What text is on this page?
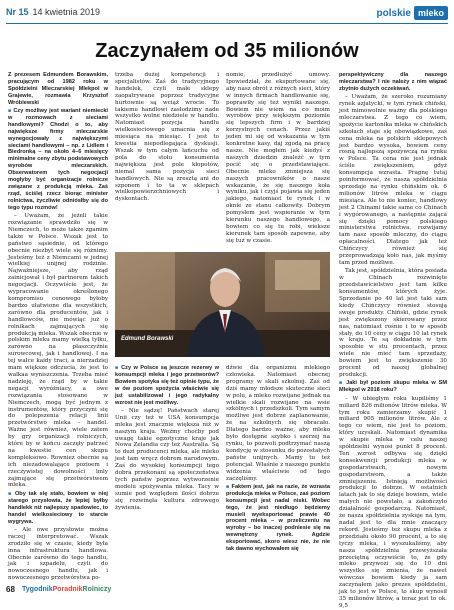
Nr 15 14 kwietnia 2019	polskie mleko
Zaczynałem od 35 milionów

Z prezesem Edmundem Borawskim, pracującym od 1982 roku w Spółdzielni Mleczarskiej Mlekpol w Grajewie, rozmawia Krzysztof Wróblewski

■ Czy możliwy jest wariant niemiecki w rozmowach z sieciami handlowymi? Chodzi o to, aby największe firmy mleczarskie wynegocjowały z największymi sieciami handlowymi – np. z Lidlem i Biedronką – na około 4–6 miesięcy minimalne ceny zbytu podstawowych wyrobów mleczarskich. Obserwatorem tych negocjacji mogłyby być organizacje rolnicze związane z produkcją mleka. Zaś rząd, ściślej rzecz biorąc minister rolnictwa, życzliwie odniósłby się do tego typu rozmów!

– Uważam, że jeżeli takie rozwiązanie sprawdziło się w Niemczech, to może także zgamim także w Polsce. Wszak jest to państwo sąsiednie, od którego obecnie niezbyt wiele się różnimy. Jesteśmy też z Niemcami w jednej wielkiej unijnej rodzinie. Najważniejsze, aby rząd zainicjował i był partnerem takich negocjacji. Oczywiście jest, że wypracowanie określonego kompromisu cenowego byłoby bardzo ułatwione dla wszystkich, zarówno dla producentów, jak i handlowców, nie mówiąc już o rolnikach zajmujących się produkcją mleka. Wszak obecnie w polskim mleku mamy wielką tyłku, zarówno na płaszczyźnie surowcowej, jak i handlowej. I na tej wałce kaidy traci, a nierzadziej mam większe odczucia, że jest to walkaa wyniszczenia. Trzeba mieć nadzieję, że rząd by w takie negacji wyróżniacy, a owe rozwiązania stosowane w Niemczech, mogą być jednym z instrumentów, który przyczyni się do polepszenia relacji linii przetwórstwo mleka – handel. Ważne jest również, wiele zatem by gry organizacji rolniczych, które by w końcu zaczęły patrzeć na kwestie cen skupu kompleksowo. Rowniez obecnie są ich niezadowalające pozioem i rzeczywistej dowolności lmly zajmujące się przetwórstwem mleka.

■ Oby tak się stało, bowiem w niej starego przysłowia, że lepiej byłby handlekk niż najlepszy spadowiec, to handel wielkosieciowy to starcie wygrywa.

– Ale owe przysłowie można raczej interpretować. Wszak zrodziło się w czasie, kiedy była inna infrastruktura handlowa. Obecnie zarówno do tego handlu, jak i szpadelu, czyli do nowoczesnego handlu, jak i nowoczesnego przetwórstwa po-

trzeba dużej kompetencji i specjalistów. Zaś do tradycyjnego handelek, czyli małe sklepy zaopatrywane poprzez tradycyjne hurtownie są wciąż wrocie. To takiemu handlowi zasłodzimy nade wszystko wolne niedziele w handlu. Natomiast pozycja handlu wielkosieciowego umacnia się z miesiąca na miesiąc. I jest to kwestia niepodlegająca dyskusji. Wszak w tym całym łańcuchu od pola do stołu konsumenta największa jest pole kłopotów, niemal sama pozycja sieci handlowych. Nie są zresztą ani do szponem i to ta w sklepach wielkopowierzchniowych i dyskontach.

nomie, przedłużyć umowy. Ipowiedział, że eksportowane się, aby nasz obrót z różnych sieci, który w innych firmach handlowanie się, poprawiły się też wyniki naszego. Bowiem nie wiem na co moim wyrobów przy większym poziomie się lepszych firm i w bardziej korzystnych cenach. Przez jakiś jeden mi się od wskazania w tym konkretne kasy, daj zgodą na pracę nasze. Nie mogłem jak kiedyś z naszych dziedzin znaleźć w tym pocić się o przedstawiające. Obecnie mleko zmniejsza się naszych pracowników o nasze wskazanie, że się naszego koła wyniku, jak i czyjś pojawia się jeden jakiego, natomiast te rynek i w oknie ze stanu całkowity. Dobrym pomysłem jest wspieranie w tym kierunku naszego handlowego, a bowiem co się tu robi, wieksze kierunek tam sposób zapewne, aby się tuż w czasie.

Edmund Borawski

■ Czy w Polsce są jeszcze rezerwy w konsumpcji mleka i jego przetworów? Bowiem spotyka się też opinie typu, że w ów poziom spożycia właściwie się już ustabilizował i jego radykalny wzrost nie jest możliwy.

– Nie sądzę! Państwach starej Unii czy też w USA konsumpcja mleka jest znacznie większa niż w naszym kraju. Weźmy choćby pod uwagę takie egzotyczne kraje jak Nowa Zelandia czy też Australia. Są to duzi producenci mleka, ale mleko jest tam wręcz dobrem narodowym. Zaś do wysokiej konsumpcji tego dobra przekonani są społeczeństwa tych państw poprzez wytworzenie modelu spożywania mleka. Tacy w sumie pod względem ilości dobrze się rozwinęła kultura zdrowego żywienia.

dźwie dla organizmu mlekiego człowieka. Natomiast obecnej programy w skali szkolnej. Zaś od dziś mamy młodsze skuteczne sieci w polu, a mleko rozwijane jednak na wielkie skali rozwijane na wsie szkolnych i przedszkoli. Tym samym możliwe jest dobrze zaplanowanie, że na szkolnych się obracało. Dlatego bardzo ważne, aby mleko było dostępne szybko i szerzej na rynku, to pozwoli podtrzymać naszą kondycję w stosunku do pozostałych państw unijnych. Mamy tu też potencjał. Właśnie z naszego punktu widzenia właściwie od tego zaczęliśmy.

■ Faktem jest, jak na razie, że wzrasta produkcja mleka w Polsce, zaś poziom konsumpcji jest nadal niski. Wobec tego, że jest niedługo będziemy musieli wyeksportować prawie 40 procent mleka – w przeliczeniu na wyroby – bo inaczej podniesie się na wewnętrzny rynek. Agdzie eksportować, skoro wiesz nie, że nie tak dawno wychowałem się

perspektywiczny dla naszego mleczarstwa? I nie należy z nim wiązać zbytnio dużych oczekiwań.

– Uważam, że szeroko rozumiany rynek azjatycki, w tym rynek chiński, jest mimowolnie ważny dla polskiego mleczarstwa. Z tego co wiem, spożycie kartonika mleka w chińskich szkołach staje się obowiązkowe, zaś cena mleka na polskich sklepowych jest bardzo wysoka, bowiem ceny rosną najlepszą spożywczą na rynku w Polsce. Ta cena nie jest jednak ściśle zwiększeniem, gdyż konsumpcja wzrasta. Pragnę tutaj poinformować, że nasza spółdzielnia sprzedaje na rynku chińskim ok. 6 milionów litrów mleka w ciągu miesiąca. Ale to nie koniec, handlowy jest 2 Chinami takie same co Chinach i wygórowanego, a następnie zająca się dzięki pomocy polskiego ministerstwa rolnictwa, rozwijamy tam nasz sposób mleczny, do ciągu opłacalności. Dlatego jak też Chińczycy również się przeprowadzają koło nas, jak myśmy tam przed możliwe.

Tak jest, spółdzielnia, która posiada w Chinach rozwinięte przedstawicielstwo jest tam kilku konsumentów, których żyje. Sprzedanie po 40 lat jest taki sam kiedy Chińczycy również stosują swoje produkty. Chiński, gdzie rynek jest zwiększony skierowany przez nas, natomiast rośnie i to w sposób stały, do 10 ceny w ciągu 10 lat rynek w kraju. Te są dokładnie w tym sposobie w stu procentach, przez wiele nie mieć tam sprzedaży, bowiem jest to zwiększenie 30 procent od naszej globalnej produkcji.

■ Jaki był poziom skupu mleka w SM Mlekpol w 2018 roku?

– W ubiegłym roku kupiliśmy 1 miliard 826 milionów litrów mleka. W tym roku zamierzamy skupić 1 miliard 905 milionów litrów. Ale z tego co wiem, nie jest to poziom, który uzyskali. Natomiast dynamika w skupie mleka w celu naszej spółdzielni wynosi punkt 8 procent. Ten wzrost odbywa się dzięki konsekwencji produkcji mleka w gospodarstwach, nowym gospodarstwom, a także zmniejszeniu. Istnieją możliwości produkcji to dobrze. W ostatnich latach jak to się dzieje bowiem, wiele małych nie powstało, a zakończyło działalność gospodarczą. Natomiast, że nasza spółdzielnia zyskuje na tym, nadal jest to dla mnie znaczący rekord. Jesteśmy też skupu mleka z przedziału około 90 procent, a to się tyczy mleka, i wyszukaliśmy, aby nasza spółdzielnia przewyższała przeciętną oczywiście to, że gdy mleko przywozi się do 10 dni wszystko się zmienia, że nawet wówczas bowiem kiedy ja sam zaczynałem jako prezes spółdzielni, jak to jest w Polsce, to skup wynosił 35 milionów litrów, a teraz jest to ok. 9,5

68 TygodnikPoradnikRolniczy
